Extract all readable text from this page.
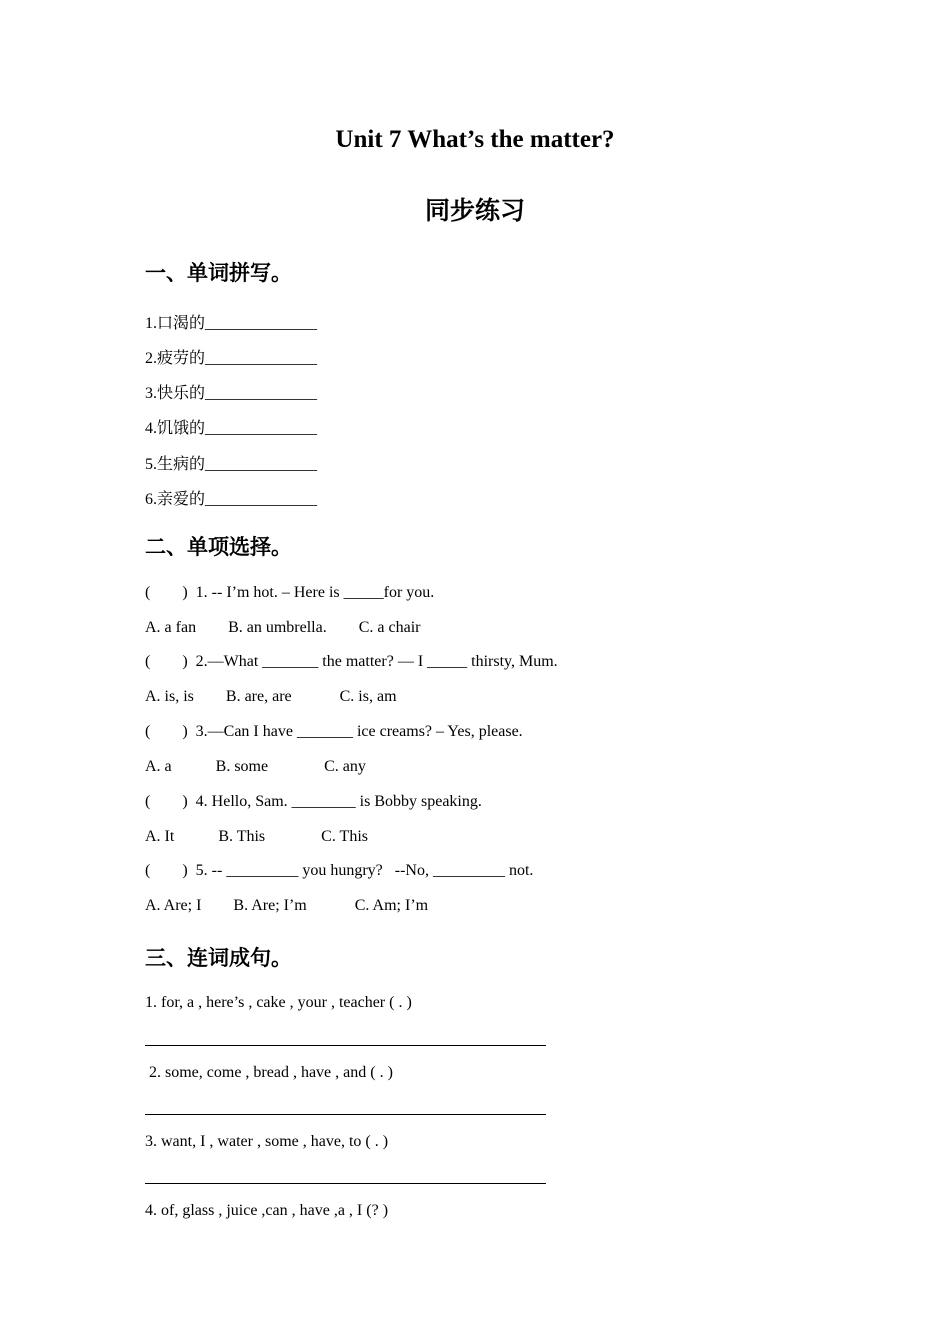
Unit 7 What’s the matter?
同步练习
一、单词拼写。
1.口渴的______________
2.疲劳的______________
3.快乐的______________
4.饥饿的______________
5.生病的______________
6.亲爱的______________
二、单项选择。
(        )  1. -- I’m hot. – Here is _____for you.
A. a fan        B. an umbrella.        C. a chair
(        )  2.—What _______ the matter? — I _____ thirsty, Mum.
A. is, is        B. are, are            C. is, am
(        )  3.—Can I have _______ ice creams? – Yes, please.
A. a           B. some              C. any
(        )  4. Hello, Sam. ________ is Bobby speaking.
A. It           B. This              C. This
(        )  5. -- _________ you hungry?   --No, _________ not.
A. Are; I        B. Are; I’m            C. Am; I’m
三、连词成句。
1. for, a , here’s , cake , your , teacher ( . )
2. some, come , bread , have , and ( . )
3. want, I , water , some , have, to ( . )
4. of, glass , juice ,can , have ,a , I (? )
